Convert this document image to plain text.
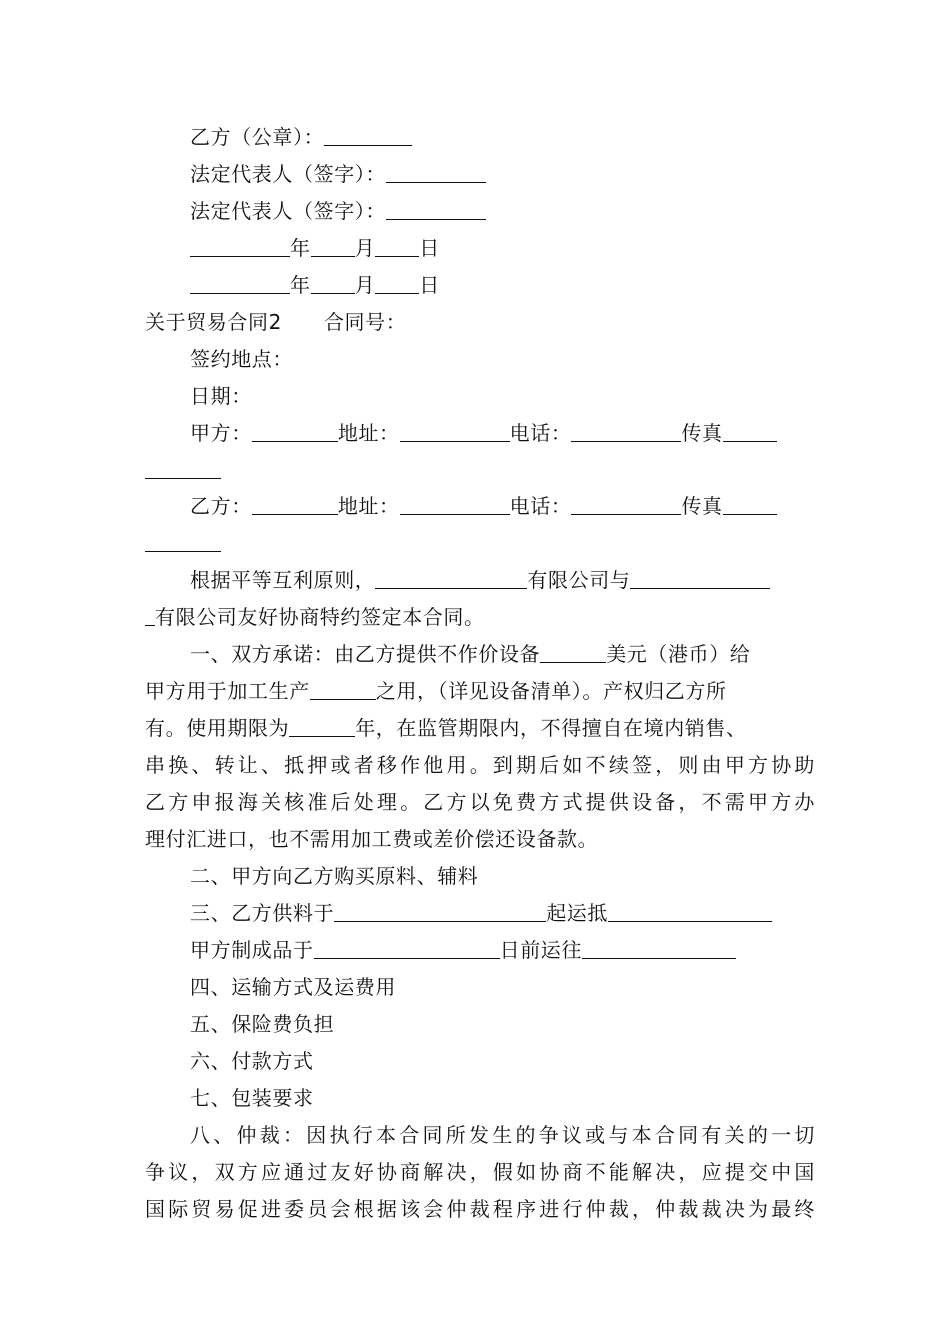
乙方（公章）：
法定代表人（签字）：
法定代表人（签字）：
年 月 日
年 月 日
关于贸易合同2 合同号：
签约地点：
日期：
甲方：	地址：	电话：	传真
乙方：	地址：	电话：	传真
根据平等互利原则，	有限公司与
有限公司友好协商特约签定本合同。
一、双方承诺：由乙方提供不作价设备	美元（港币）给
甲方用于加工生产	之用，（详见设备清单）。产权归乙方所
有。使用期限为	年，在监管期限内，不得擅自在境内销售、
串换、转让、抵押或者移作他用。到期后如不续签，则由甲方协助
乙方申报海关核准后处理。乙方以免费方式提供设备，不需甲方办
理付汇进口，也不需用加工费或差价偿还设备款。
二、甲方向乙方购买原料、辅料
三、乙方供料于	起运抵
甲方制成品于	日前运往
四、运输方式及运费用
五、保险费负担
六、付款方式
七、包装要求
八、仲裁：因执行本合同所发生的争议或与本合同有关的一切
争议，双方应通过友好协商解决，假如协商不能解决，应提交中国
国际贸易促进委员会根据该会仲裁程序进行仲裁，仲裁裁决为最终
